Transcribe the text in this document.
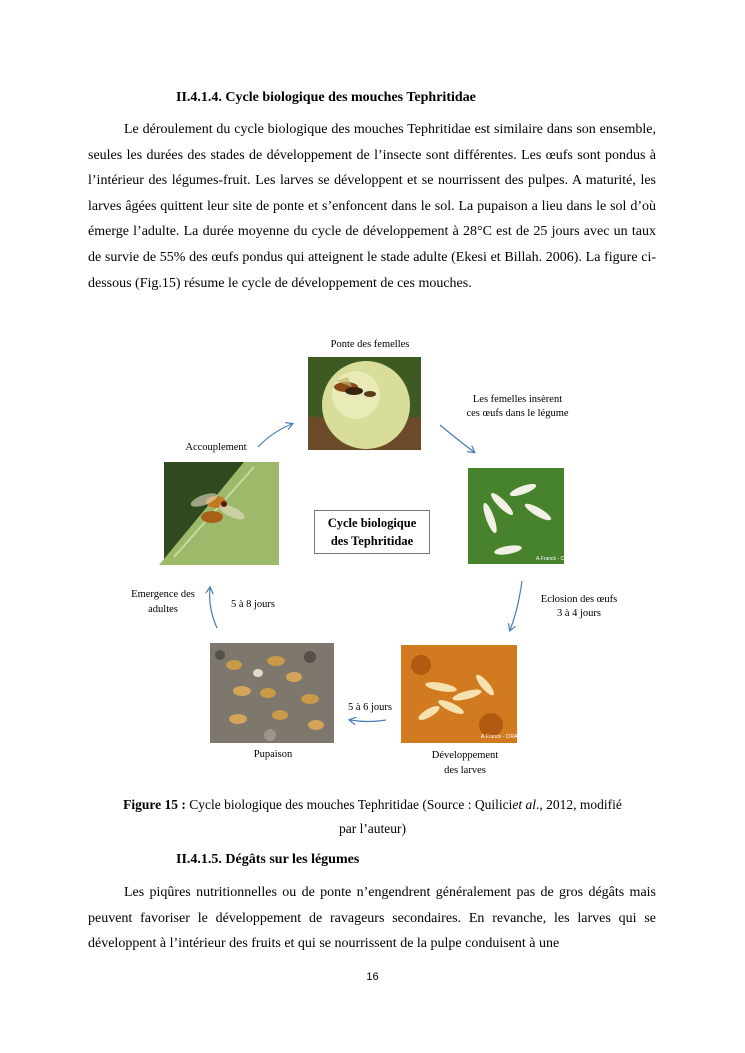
II.4.1.4. Cycle biologique des mouches Tephritidae
Le déroulement du cycle biologique des mouches Tephritidae est similaire dans son ensemble, seules les durées des stades de développement de l’insecte sont différentes. Les œufs sont pondus à l’intérieur des légumes-fruit. Les larves se développent et se nourrissent des pulpes. A maturité, les larves âgées quittent leur site de ponte et s’enfoncent dans le sol. La pupaison a lieu dans le sol d’où émerge l’adulte. La durée moyenne du cycle de développement à 28°C est de 25 jours avec un taux de survie de 55% des œufs pondus qui atteignent le stade adulte (Ekesi et Billah. 2006). La figure ci-dessous (Fig.15) résume le cycle de développement de ces mouches.
Ponte des femelles
Les femelles insèrent
ces œufs dans le légume
Accouplement
Cycle biologique
des Tephritidae
A.Franck - CIRAD
Eclosion des œufs
3 à 4 jours
Emergence des
adultes	5 à 8 jours
5 à 6 jours
A.Franck - CIRAD
Pupaison	Développement
des larves
Figure 15 : Cycle biologique des mouches Tephritidae (Source : Quiliciet al., 2012, modifié
par l’auteur)
II.4.1.5. Dégâts sur les légumes
Les piqûres nutritionnelles ou de ponte n’engendrent généralement pas de gros dégâts mais peuvent favoriser le développement de ravageurs secondaires. En revanche, les larves qui se développent à l’intérieur des fruits et qui se nourrissent de la pulpe conduisent à une
16
